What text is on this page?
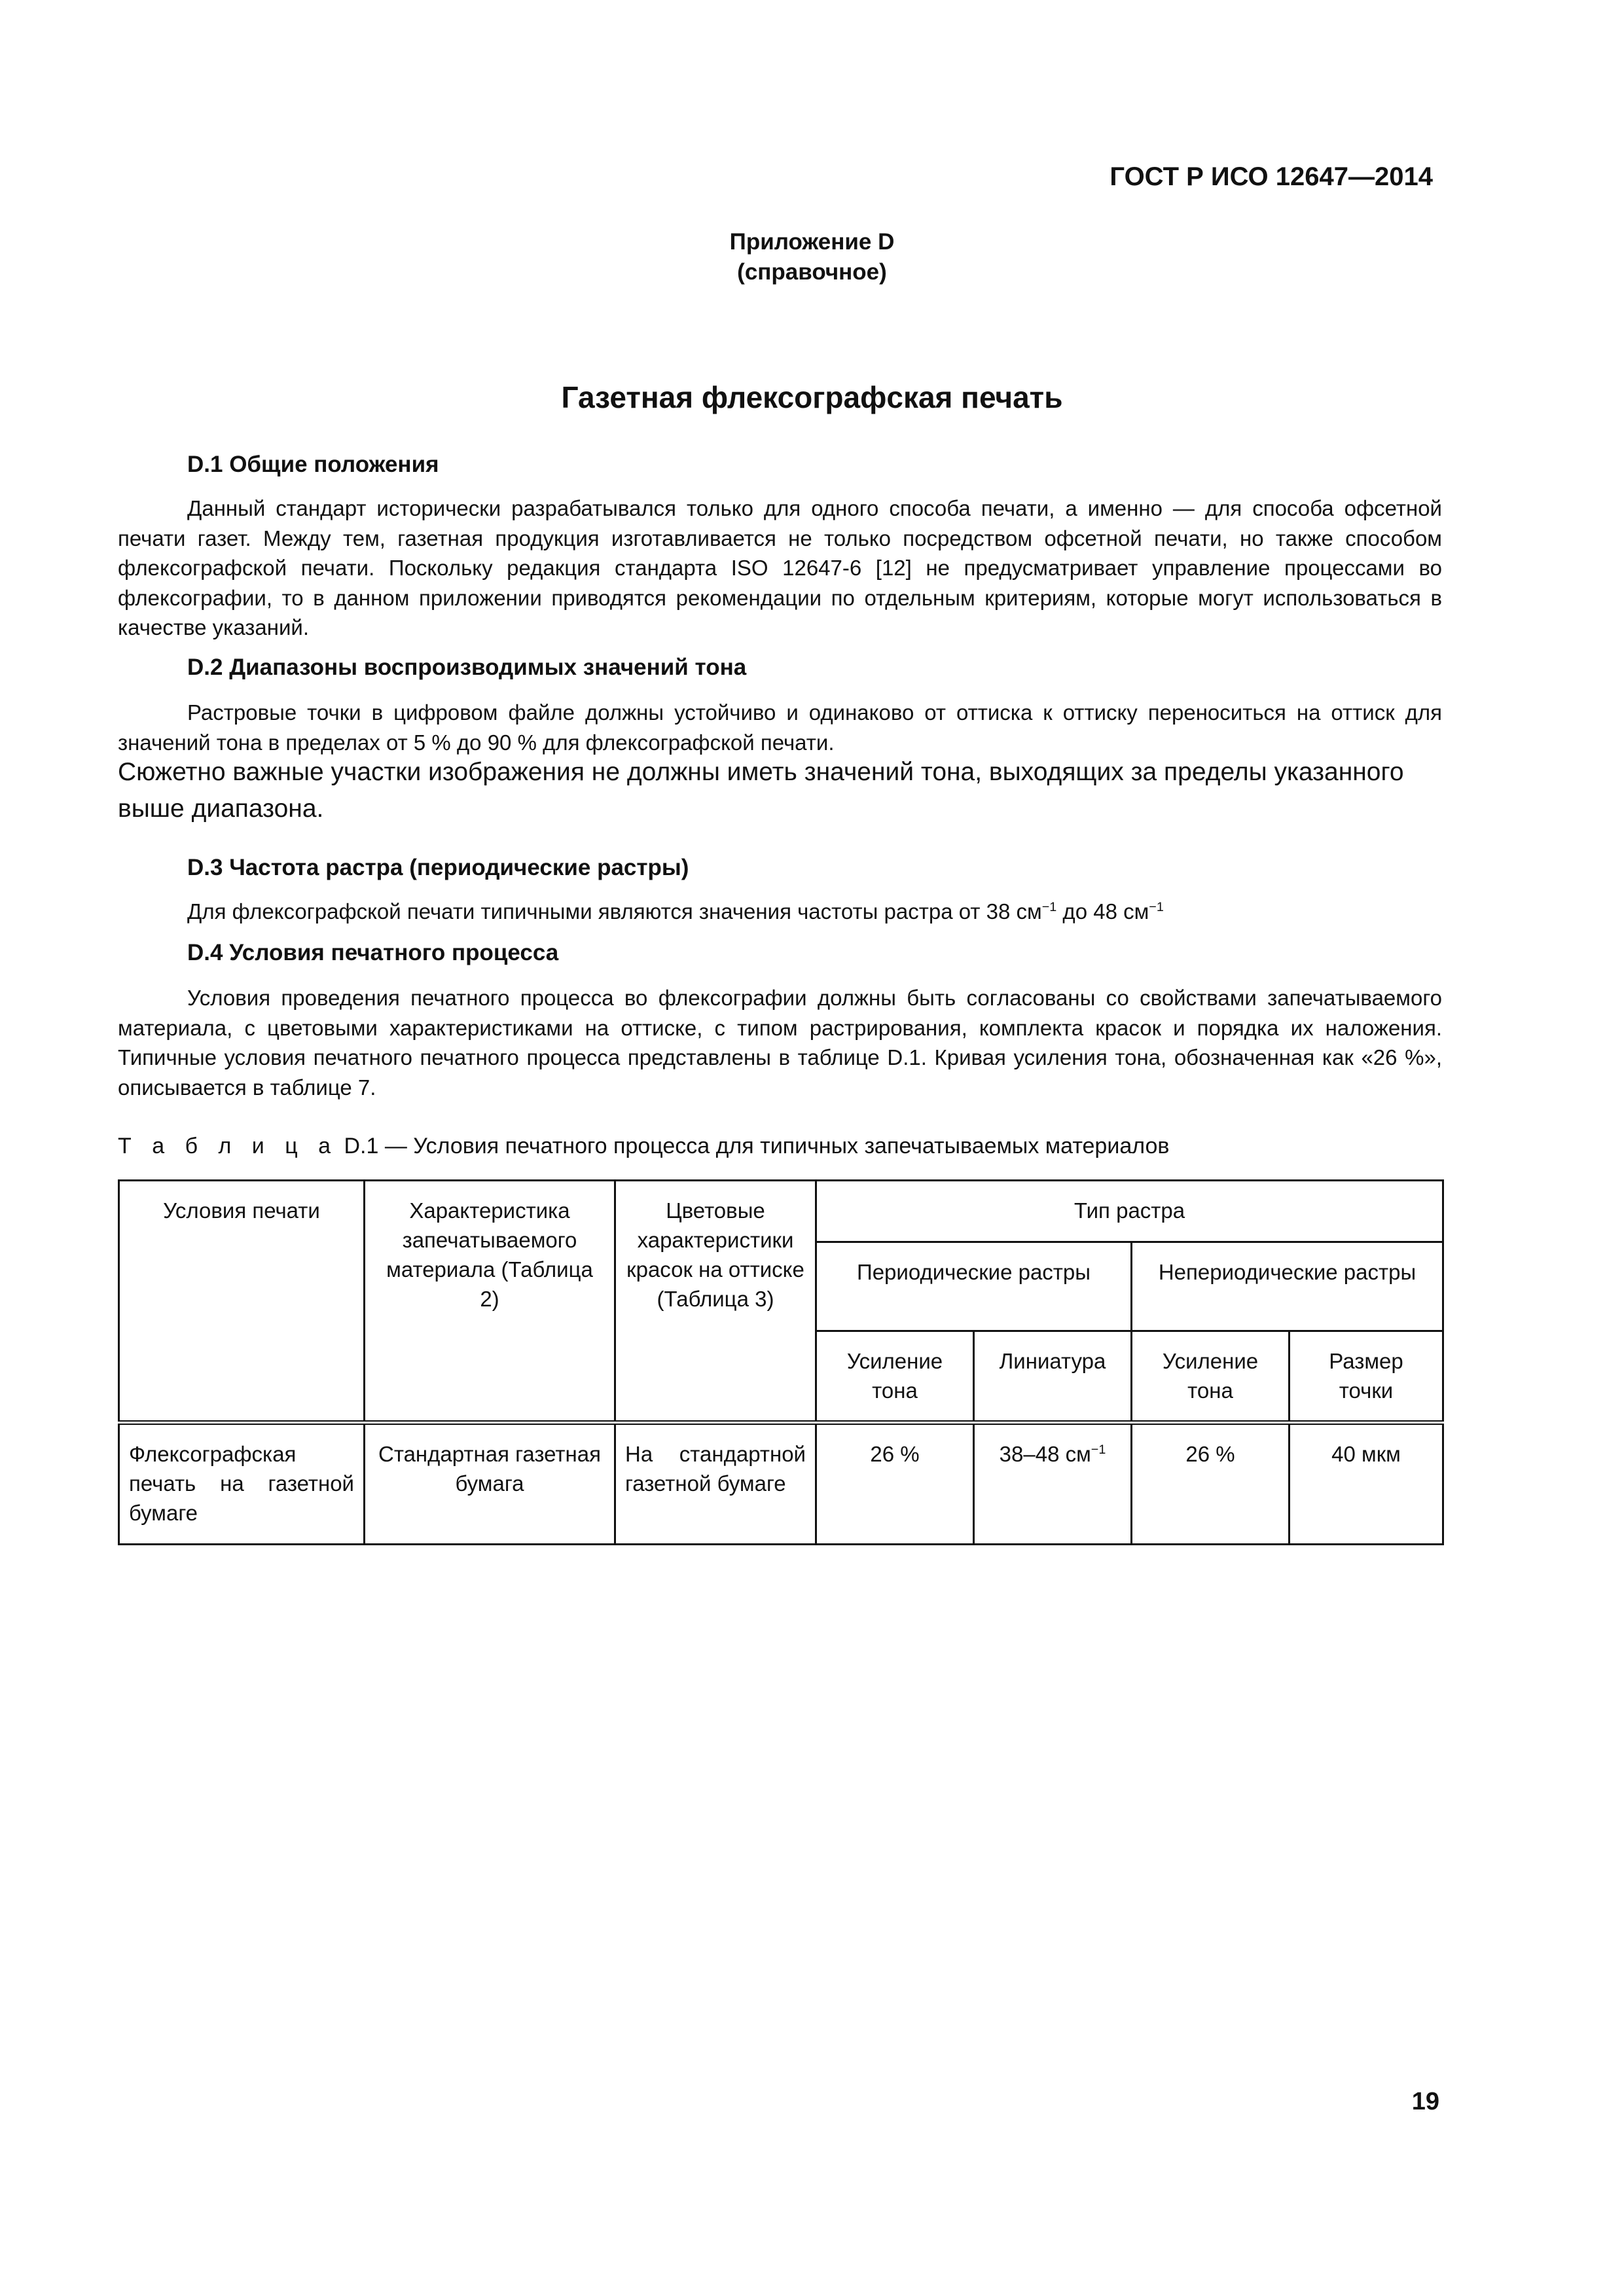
ГОСТ Р ИСО 12647—2014
Приложение D
(справочное)
Газетная флексографская печать
D.1 Общие положения
Данный стандарт исторически разрабатывался только для одного способа печати, а именно — для способа офсетной печати газет. Между тем, газетная продукция изготавливается не только посредством офсетной печати, но также способом флексографской печати. Поскольку редакция стандарта ISO 12647-6 [12] не предусматривает управление процессами во флексографии, то в данном приложении приводятся рекомендации по отдельным критериям, которые могут использоваться в качестве указаний.
D.2 Диапазоны воспроизводимых значений тона
Растровые точки в цифровом файле должны устойчиво и одинаково от оттиска к оттиску переноситься на оттиск для значений тона в пределах от 5 % до 90 % для флексографской печати.
Сюжетно важные участки изображения не должны иметь значений тона, выходящих за пределы указанного выше диапазона.
D.3 Частота растра (периодические растры)
Для флексографской печати типичными являются значения частоты растра от 38 $см^{-1}$ до 48 $см^{-1}$
D.4 Условия печатного процесса
Условия проведения печатного процесса во флексографии должны быть согласованы со свойствами запечатываемого материала, с цветовыми характеристиками на оттиске, с типом растрирования, комплекта красок и порядка их наложения. Типичные условия печатного печатного процесса представлены в таблице D.1. Кривая усиления тона, обозначенная как «26 %», описывается в таблице 7.
Т а б л и ц а D.1 — Условия печатного процесса для типичных запечатываемых материалов
Условия печати	Характеристика запечатываемого материала (Таблица 2)	Цветовые характеристики красок на оттиске (Таблица 3)	Тип растра			
			Периодические растры		Непериодические растры	
			Усиление тона	Линиатура	Усиление тона	Размер точки
Флексографская печать на газетной бумаге	Стандартная газетная бумага	На стандартной газетной бумаге	26 %	38–48 $см^{-1}$	26 %	40 мкм
19
